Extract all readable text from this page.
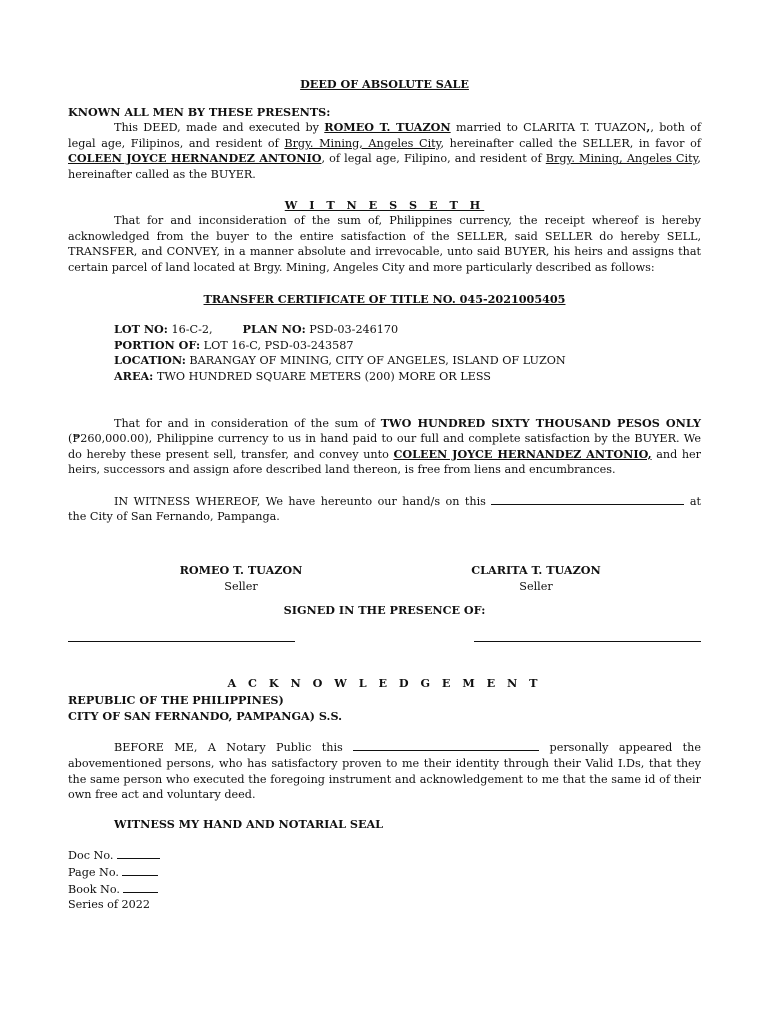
DEED OF ABSOLUTE SALE

KNOWN ALL MEN BY THESE PRESENTS:

This DEED, made and executed by ROMEO T. TUAZON married to CLARITA T. TUAZON,, both of legal age, Filipinos, and resident of Brgy. Mining, Angeles City, hereinafter called the SELLER, in favor of COLEEN JOYCE HERNANDEZ ANTONIO, of legal age, Filipino, and resident of Brgy. Mining, Angeles City, hereinafter called as the BUYER.

W I T N E S S E T H

That for and inconsideration of the sum of, Philippines currency, the receipt whereof is hereby acknowledged from the buyer to the entire satisfaction of the SELLER, said SELLER do hereby SELL, TRANSFER, and CONVEY, in a manner absolute and irrevocable, unto said BUYER, his heirs and assigns that certain parcel of land located at Brgy. Mining, Angeles City and more particularly described as follows:

TRANSFER CERTIFICATE OF TITLE NO. 045-2021005405

LOT NO: 16-C-2,	PLAN NO: PSD-03-246170
PORTION OF: LOT 16-C, PSD-03-243587
LOCATION: BARANGAY OF MINING, CITY OF ANGELES, ISLAND OF LUZON
AREA: TWO HUNDRED SQUARE METERS (200) MORE OR LESS

That for and in consideration of the sum of TWO HUNDRED SIXTY THOUSAND PESOS ONLY (₱260,000.00), Philippine currency to us in hand paid to our full and complete satisfaction by the BUYER. We do hereby these present sell, transfer, and convey unto COLEEN JOYCE HERNANDEZ ANTONIO, and her heirs, successors and assign afore described land thereon, is free from liens and encumbrances.

IN WITNESS WHEREOF, We have hereunto our hand/s on this	at the City of San Fernando, Pampanga.

ROMEO T. TUAZON
Seller
CLARITA T. TUAZON
Seller

SIGNED IN THE PRESENCE OF:

A C K N O W L E D G E M E N T

REPUBLIC OF THE PHILIPPINES)

CITY OF SAN FERNANDO, PAMPANGA) S.S.

BEFORE ME, A Notary Public this	personally appeared the abovementioned persons, who has satisfactory proven to me their identity through their Valid I.Ds, that they the same person who executed the foregoing instrument and acknowledgement to me that the same id of their own free act and voluntary deed.

WITNESS MY HAND AND NOTARIAL SEAL

Doc No.
Page No.
Book No.
Series of 2022
